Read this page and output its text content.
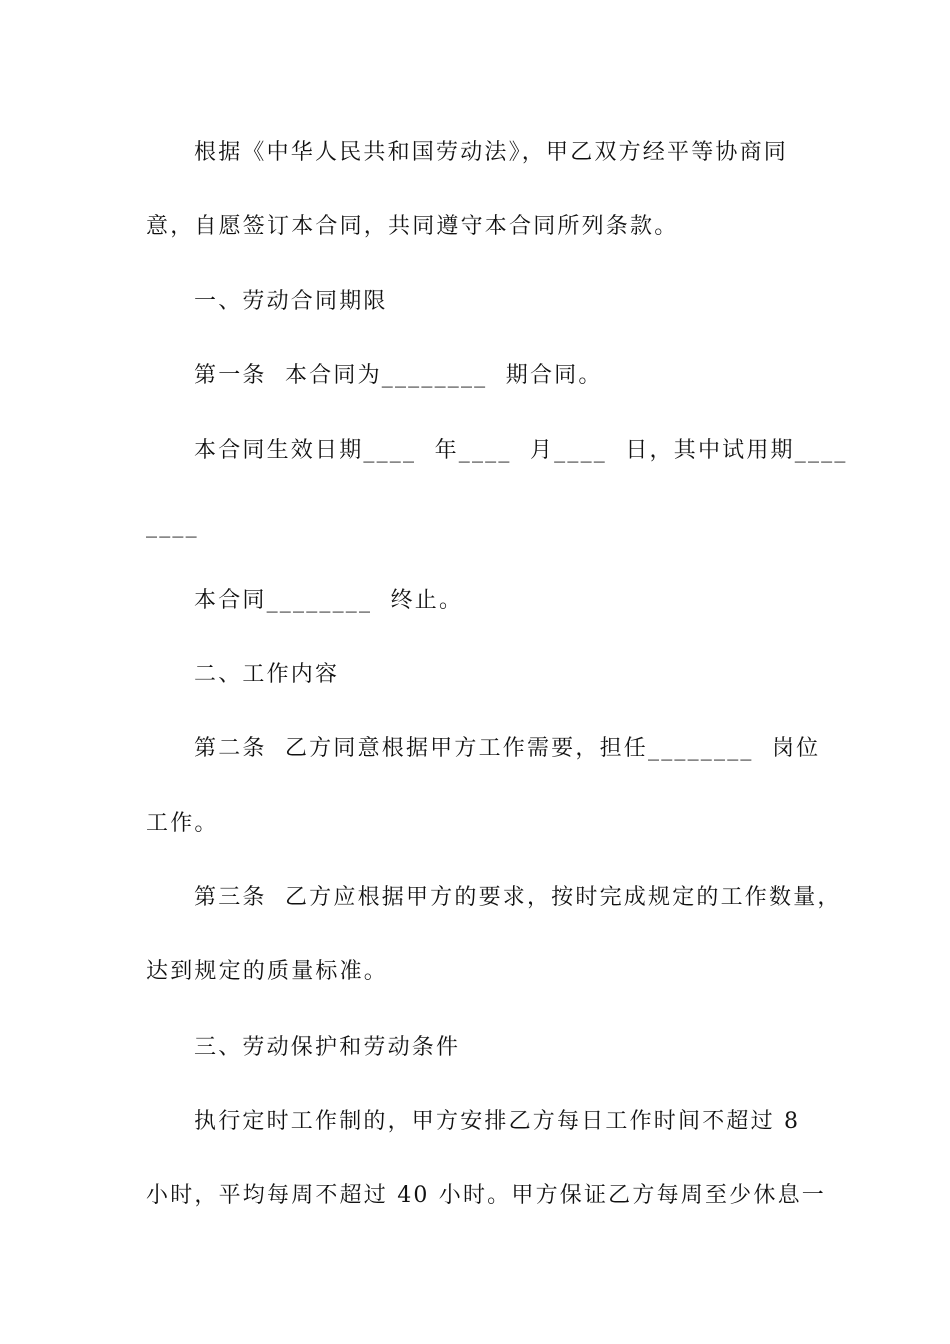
根据《中华人民共和国劳动法》，甲乙双方经平等协商同
意，自愿签订本合同，共同遵守本合同所列条款。
一、劳动合同期限
第一条  本合同为________  期合同。
本合同生效日期____  年____  月____  日，其中试用期____
____
本合同________  终止。
二、工作内容
第二条  乙方同意根据甲方工作需要，担任________  岗位
工作。
第三条  乙方应根据甲方的要求，按时完成规定的工作数量，
达到规定的质量标准。
三、劳动保护和劳动条件
执行定时工作制的，甲方安排乙方每日工作时间不超过 8
小时，平均每周不超过 40 小时。甲方保证乙方每周至少休息一
